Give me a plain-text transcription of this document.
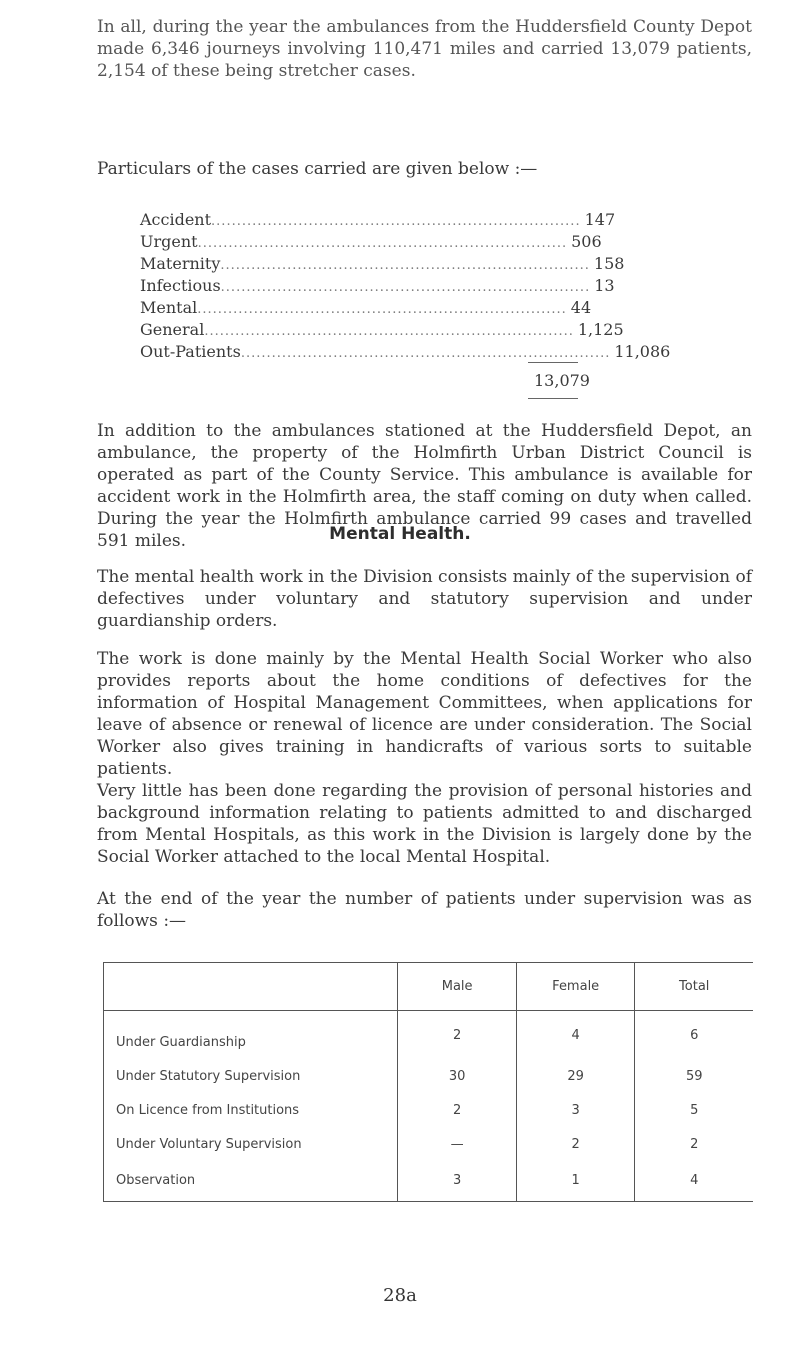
In all, during the year the ambulances from the Huddersfield County Depot made 6,346 journeys involving 110,471 miles and carried 13,079 patients, 2,154 of these being stretcher cases.

Particulars of the cases carried are given below :—

Accident ........................................................................ 147
Urgent ........................................................................ 506
Maternity ........................................................................ 158
Infectious ........................................................................ 13
Mental ........................................................................ 44
General ........................................................................ 1,125
Out-Patients ........................................................................ 11,086
13,079

In addition to the ambulances stationed at the Huddersfield Depot, an ambulance, the property of the Holmfirth Urban District Council is operated as part of the County Service. This ambulance is available for accident work in the Holmfirth area, the staff coming on duty when called. During the year the Holmfirth ambulance carried 99 cases and travelled 591 miles.	Mental Health.

The mental health work in the Division consists mainly of the supervision of defectives under voluntary and statutory supervision and under guardianship orders.

The work is done mainly by the Mental Health Social Worker who also provides reports about the home conditions of defectives for the information of Hospital Management Committees, when applications for leave of absence or renewal of licence are under consideration. The Social Worker also gives training in handicrafts of various sorts to suitable patients.

Very little has been done regarding the provision of personal histories and background information relating to patients admitted to and discharged from Mental Hospitals, as this work in the Division is largely done by the Social Worker attached to the local Mental Hospital.

At the end of the year the number of patients under supervision was as follows :—

	Male	Female	Total
Under Guardianship	2	4	6
Under Statutory Supervision	30	29	59
On Licence from Institutions	2	3	5
Under Voluntary Supervision	—	2	2
Observation	3	1	4
28a
